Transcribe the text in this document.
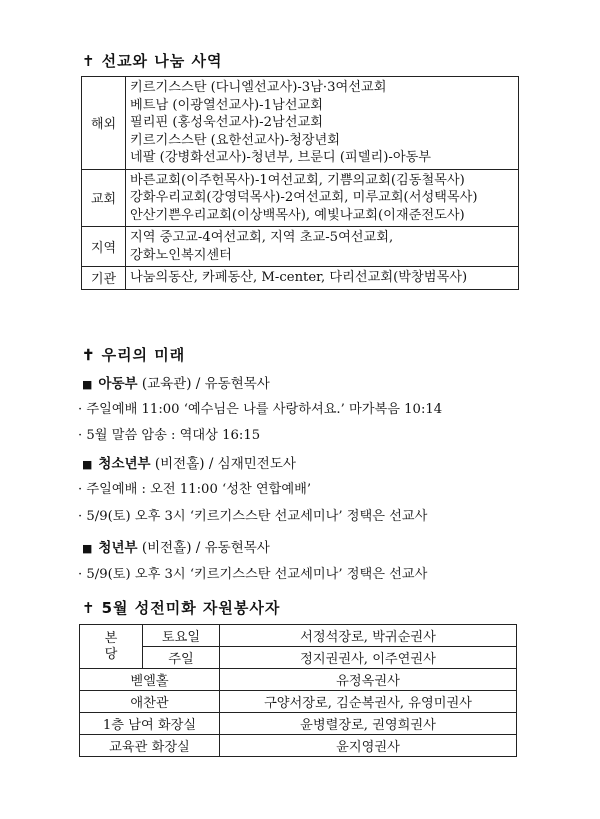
✝ 선교와 나눔 사역
해외	키르기스스탄 (다니엘선교사)-3남·3여선교회
베트남 (이광열선교사)-1남선교회
필리핀 (홍성욱선교사)-2남선교회
키르기스스탄 (요한선교사)-청장년회
네팔 (강병화선교사)-청년부, 브룬디 (피델리)-아동부

교회	바른교회(이주헌목사)-1여선교회, 기쁨의교회(김동철목사)
강화우리교회(강영덕목사)-2여선교회, 미루교회(서성택목사)
안산기쁜우리교회(이상백목사), 예빛나교회(이재준전도사)

지역	지역 중고교-4여선교회, 지역 초교-5여선교회,
강화노인복지센터

기관	나눔의동산, 카페동산, M-center, 다리선교회(박창범목사)
✝ 우리의 미래
■ 아동부 (교육관) / 유동현목사
· 주일예배 11:00 ‘예수님은 나를 사랑하셔요.’ 마가복음 10:14
· 5월 말씀 암송 : 역대상 16:15
■ 청소년부 (비전홀) / 심재민전도사
· 주일예배 : 오전 11:00 ‘성찬 연합예배’
· 5/9(토) 오후 3시 ‘키르기스스탄 선교세미나’ 정택은 선교사
■ 청년부 (비전홀) / 유동현목사
· 5/9(토) 오후 3시 ‘키르기스스탄 선교세미나’ 정택은 선교사
✝ 5월 성전미화 자원봉사자
본
당	토요일	서정석장로, 박귀순권사
	주일	정지권권사, 이주연권사
벧엘홀		유정옥권사
애찬관		구양서장로, 김순복권사, 유영미권사
1층 남여 화장실		윤병렬장로, 권영희권사
교육관 화장실		윤지영권사
